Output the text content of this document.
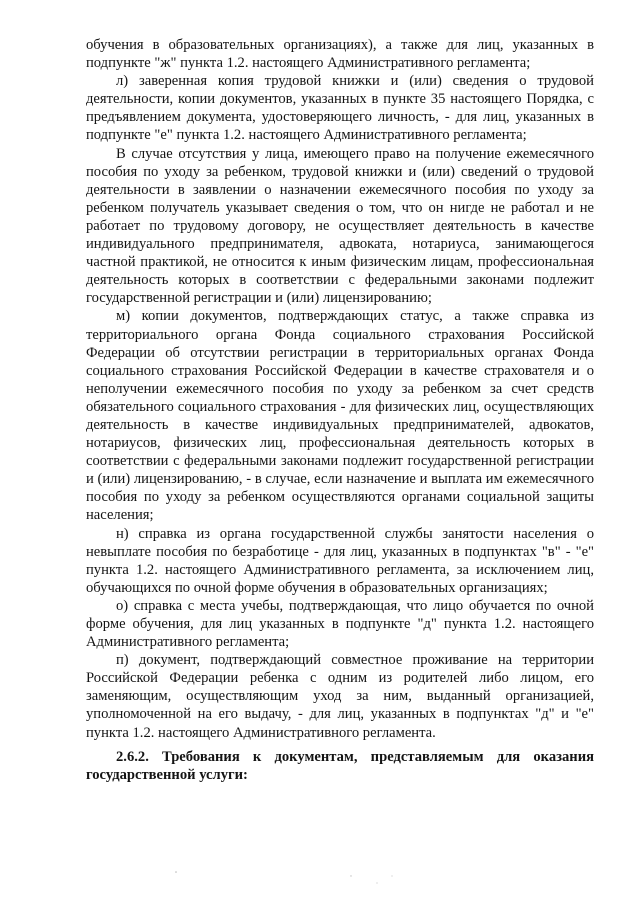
обучения в образовательных организациях), а также для лиц, указанных в подпункте "ж" пункта 1.2. настоящего Административного регламента;

л) заверенная копия трудовой книжки и (или) сведения о трудовой деятельности, копии документов, указанных в пункте 35 настоящего Порядка, с предъявлением документа, удостоверяющего личность, - для лиц, указанных в подпункте "е" пункта 1.2. настоящего Административного регламента;

В случае отсутствия у лица, имеющего право на получение ежемесячного пособия по уходу за ребенком, трудовой книжки и (или) сведений о трудовой деятельности в заявлении о назначении ежемесячного пособия по уходу за ребенком получатель указывает сведения о том, что он нигде не работал и не работает по трудовому договору, не осуществляет деятельность в качестве индивидуального предпринимателя, адвоката, нотариуса, занимающегося частной практикой, не относится к иным физическим лицам, профессиональная деятельность которых в соответствии с федеральными законами подлежит государственной регистрации и (или) лицензированию;

м) копии документов, подтверждающих статус, а также справка из территориального органа Фонда социального страхования Российской Федерации об отсутствии регистрации в территориальных органах Фонда социального страхования Российской Федерации в качестве страхователя и о неполучении ежемесячного пособия по уходу за ребенком за счет средств обязательного социального страхования - для физических лиц, осуществляющих деятельность в качестве индивидуальных предпринимателей, адвокатов, нотариусов, физических лиц, профессиональная деятельность которых в соответствии с федеральными законами подлежит государственной регистрации и (или) лицензированию, - в случае, если назначение и выплата им ежемесячного пособия по уходу за ребенком осуществляются органами социальной защиты населения;

н) справка из органа государственной службы занятости населения о невыплате пособия по безработице - для лиц, указанных в подпунктах "в" - "е" пункта 1.2. настоящего Административного регламента, за исключением лиц, обучающихся по очной форме обучения в образовательных организациях;

о) справка с места учебы, подтверждающая, что лицо обучается по очной форме обучения, для лиц указанных в подпункте "д" пункта 1.2. настоящего Административного регламента;

п) документ, подтверждающий совместное проживание на территории Российской Федерации ребенка с одним из родителей либо лицом, его заменяющим, осуществляющим уход за ним, выданный организацией, уполномоченной на его выдачу, - для лиц, указанных в подпунктах "д" и "е" пункта 1.2. настоящего Административного регламента.

2.6.2. Требования к документам, представляемым для оказания государственной услуги:
